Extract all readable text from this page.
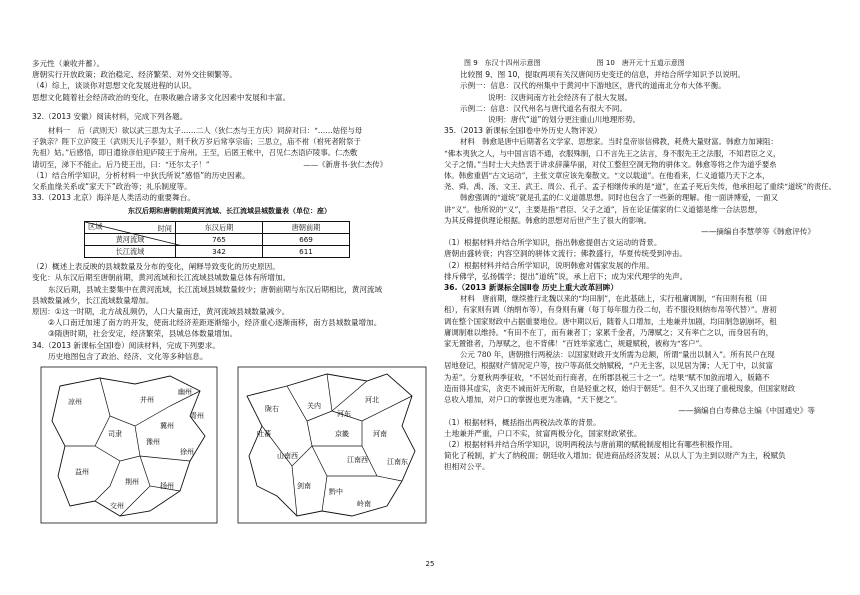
多元性（兼收并蓄）。
唐朝实行开放政策；政治稳定、经济繁荣、对外交往频繁等。
（4）综上，谈谈你对思想文化发展进程的认识。
思想文化随着社会经济政治的变化，在吸收融合诸多文化因素中发展和丰富。
32.（2013 安徽）阅读材料，完成下列各题。
材料一　后（武则天）欲以武三思为太子……二人（狄仁杰与王方庆）同辞对曰：“……姑侄与母
子孰亲？陛下立庐陵王（武则天儿子李显），则千秋万岁后常享宗庙；三思立，庙不祔（祔死者附祭于
先祖）姑。”后感悟，即日遣徐彦伯迎庐陵王于房州。王至，后匿王帐中，召见仁杰语庐陵事。仁杰敷
请切至，涕下不能止。后乃使王出，曰：“还尔太子！”	——《新唐书·狄仁杰传》
（1）结合所学知识，分析材料一中狄氏所说“感悟”的历史因素。
父系血缘关系或“家天下”政治等；礼乐制度等。
33.（2013 北京）海洋是人类活动的重要舞台。
东汉后期和唐朝前期黄河流域、长江流域县城数量表（单位：座）
时间
区域	东汉后期	唐朝前期
黄河流域	765	669
长江流域	342	611
（2）概述上表反映的县城数量及分布的变化，阐释导致变化的历史原因。
变化：从东汉后期至唐朝前期，黄河流域和长江流域县城数量总体有所增加。
东汉后期，县城主要集中在黄河流域，长江流域县城数量较少；唐朝前期与东汉后期相比，黄河流域
县城数量减少，长江流域数量增加。
原因：①这一时期，北方战乱频仍，人口大量南迁，黄河流域县城数量减少。
②人口南迁加速了南方的开发，使南北经济差距逐渐缩小，经济重心逐渐南移，南方县城数量增加。
③隋唐时期，社会安定，经济繁荣，县城总体数量增加。
34.（2013 新课标全国Ⅰ卷）阅读材料，完成下列要求。
历史地图包含了政治、经济、文化等多种信息。
凉州	并州
冀州
幽州
豫州
徐州
司隶
益州
荆州	扬州
交州
青州
河北
河东
关内
京畿	河南
陇右
山南西
江南东
江南西
剑南
黔中
岭南
吐蕃
图 9　东汉十四州示意图　　　　　　　　图 10　唐开元十五道示意图
比较图 9、图 10，提取两项有关汉唐间历史变迁的信息，并结合所学知识予以说明。
示例一：信息：汉代的州集中于黄河中下游地区，唐代的道南北分布大体平衡。
说明：汉唐间南方社会经济有了很大发展。
示例二：信息：汉代州名与唐代道名有很大不同。
说明：唐代“道”的划分更注重山川地理形势。
35.（2013 新课标全国Ⅰ卷中外历史人物评说）
材料　韩愈是唐中后期著名文学家、思想家。当时皇帝崇信佛教，耗费大量财富。韩愈力加谏阻：
“佛本夷狄之人，与中国言语不通，衣服殊制，口不言先王之法言，身不服先王之法服，不知君臣之义，
父子之情。”当时士大夫热衷于讲求辞藻华丽，对仗工整但空洞无物的骈体文。韩愈等将之作为道乎要糸
体。韩愈重倡“古文运动”，主张文章应该先秦散文。“文以载道”。在他看来，仁义道德乃天下之本，
尧、舜、禹、汤、文王、武王、周公、孔子、孟子相继传承的是“道”，在孟子死后失传，他承担起了重续“道统”的责任。
韩愈强调的“道统”就是孔孟的仁义道德思想。同时也包含了一些新的理解。他一面讲博爱，一面又
讲“义”。他所说的“义”，主要是指“君臣、父子之道”，旨在论证儒家的仁义道德是维一合法思想，
为其反佛提供理论根据。韩愈的思想对后世产生了很大的影响。
——摘编自李慧荸等《韩愈评传》
（1）根据材料并结合所学知识，指出韩愈提倡古文运动的背景。
唐朝由盛转衰；内容空洞的骈体文流行；佛教盛行，华夏传统受到冲击。
（2）根据材料并结合所学知识，说明韩愈对儒家发展的作用。
排斥佛学，弘扬儒学；提出“道统”说，承上启下；成为宋代理学的先声。
36.（2013 新课标全国Ⅱ卷 历史上重大改革回眸）
材料　唐前期，继续推行北魏以来的“均田制”，在此基础上，实行租庸调制，“有田则有租（田
租），有家则有调（纳绢布等），有身则有庸（每丁每年服力役二旬，若不服役则纳布帛等代替）”。唐初
调在整个国家财政中占据重要地位。唐中期以后，随着人口增加，土地兼并加剧，均田制急剧崩坏，租
庸调制难以维持。“有田不在丁，而有兼者丁；家累千金者，乃薄赋之；又有率亡之以，而身居有的，
家无置锥者，乃厚赋之，也不背佛！”百姓举家逃亡，规避赋税，被称为“客户”。
公元 780 年，唐朝推行两税法：以国家财政开支所需为总额，所谓“量出以制入”。所有民户在现
居地登记，根据财产情况定户等，按户等高低交纳赋税，“户无主客，以见居为簿；人无丁中，以贫富
为差”。分夏秋两季征收，“不居处而行商者，在所郡县税三十之一”。结果“赋不加敛而增入，版籍不
造而得其虚实，贪吏不诫而奸无所取，自是轻重之权，始归于朝廷”。但不久又出现了重税现象，但国家财政
总收入增加，对户口的掌握也更为准确，“天下便之”。
——摘编自白寿彝总主编《中国通史》等
（1）根据材料，概括指出两税法改革的背景。
土地兼并严重，户口不实，贫富两极分化，国家财政紧张。
（2）根据材料并结合所学知识，说明两税法与唐前期的赋税制度相比有哪些积极作用。
简化了税制，扩大了纳税面；朝廷收入增加；促进商品经济发展；从以人丁为主到以财产为主，税赋负
担相对公平。
25
